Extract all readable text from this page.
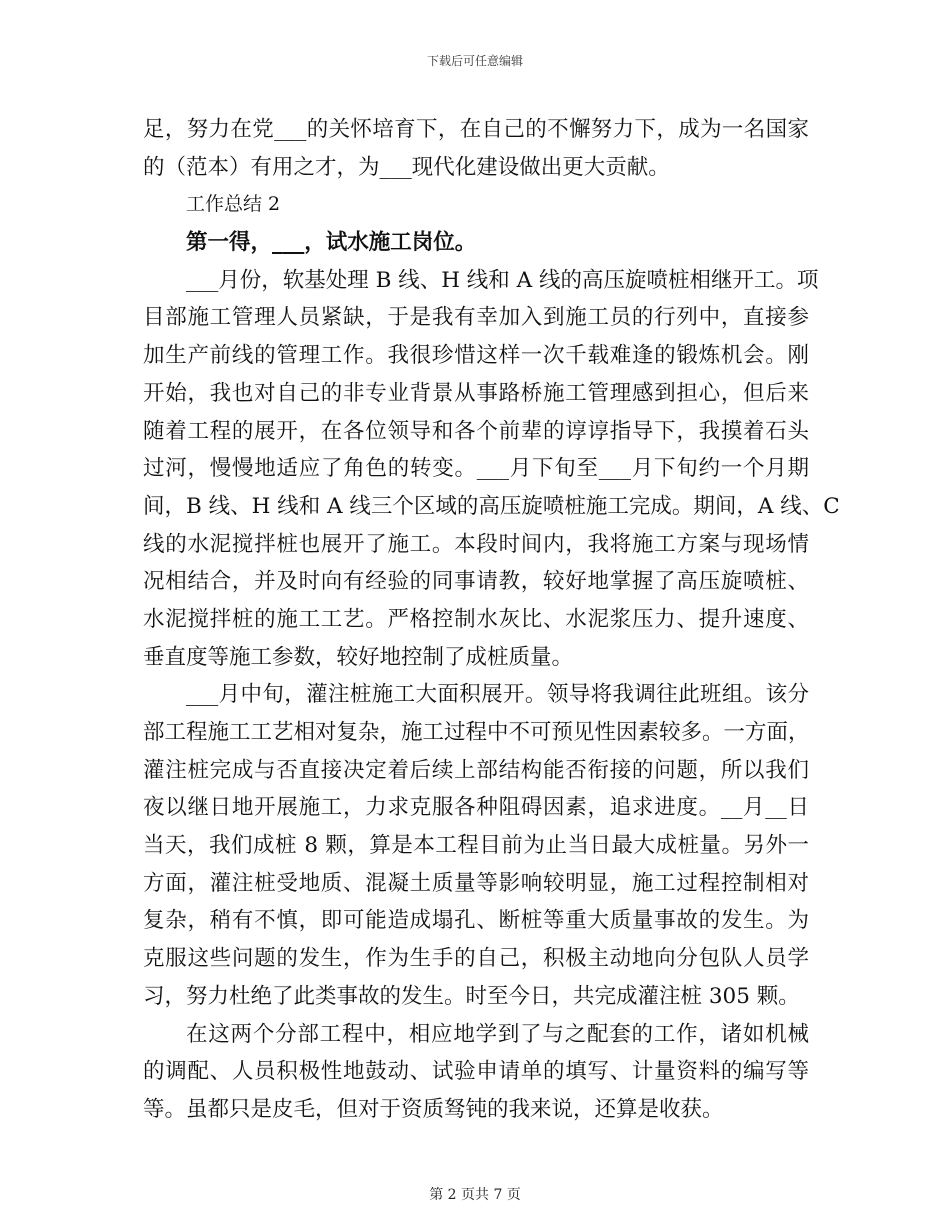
下载后可任意编辑
足，努力在党___的关怀培育下，在自己的不懈努力下，成为一名国家
的（范本）有用之才，为___现代化建设做出更大贡献。
工作总结 2
第一得，___，试水施工岗位。
___月份，软基处理 B 线、H 线和 A 线的高压旋喷桩相继开工。项
目部施工管理人员紧缺，于是我有幸加入到施工员的行列中，直接参
加生产前线的管理工作。我很珍惜这样一次千载难逢的锻炼机会。刚
开始，我也对自己的非专业背景从事路桥施工管理感到担心，但后来
随着工程的展开，在各位领导和各个前辈的谆谆指导下，我摸着石头
过河，慢慢地适应了角色的转变。___月下旬至___月下旬约一个月期
间，B 线、H 线和 A 线三个区域的高压旋喷桩施工完成。期间，A 线、C
线的水泥搅拌桩也展开了施工。本段时间内，我将施工方案与现场情
况相结合，并及时向有经验的同事请教，较好地掌握了高压旋喷桩、
水泥搅拌桩的施工工艺。严格控制水灰比、水泥浆压力、提升速度、
垂直度等施工参数，较好地控制了成桩质量。
___月中旬，灌注桩施工大面积展开。领导将我调往此班组。该分
部工程施工工艺相对复杂，施工过程中不可预见性因素较多。一方面，
灌注桩完成与否直接决定着后续上部结构能否衔接的问题，所以我们
夜以继日地开展施工，力求克服各种阻碍因素，追求进度。__月__日
当天，我们成桩 8 颗，算是本工程目前为止当日最大成桩量。另外一
方面，灌注桩受地质、混凝土质量等影响较明显，施工过程控制相对
复杂，稍有不慎，即可能造成塌孔、断桩等重大质量事故的发生。为
克服这些问题的发生，作为生手的自己，积极主动地向分包队人员学
习，努力杜绝了此类事故的发生。时至今日，共完成灌注桩 305 颗。
在这两个分部工程中，相应地学到了与之配套的工作，诸如机械
的调配、人员积极性地鼓动、试验申请单的填写、计量资料的编写等
等。虽都只是皮毛，但对于资质驽钝的我来说，还算是收获。
第 2 页共 7 页
